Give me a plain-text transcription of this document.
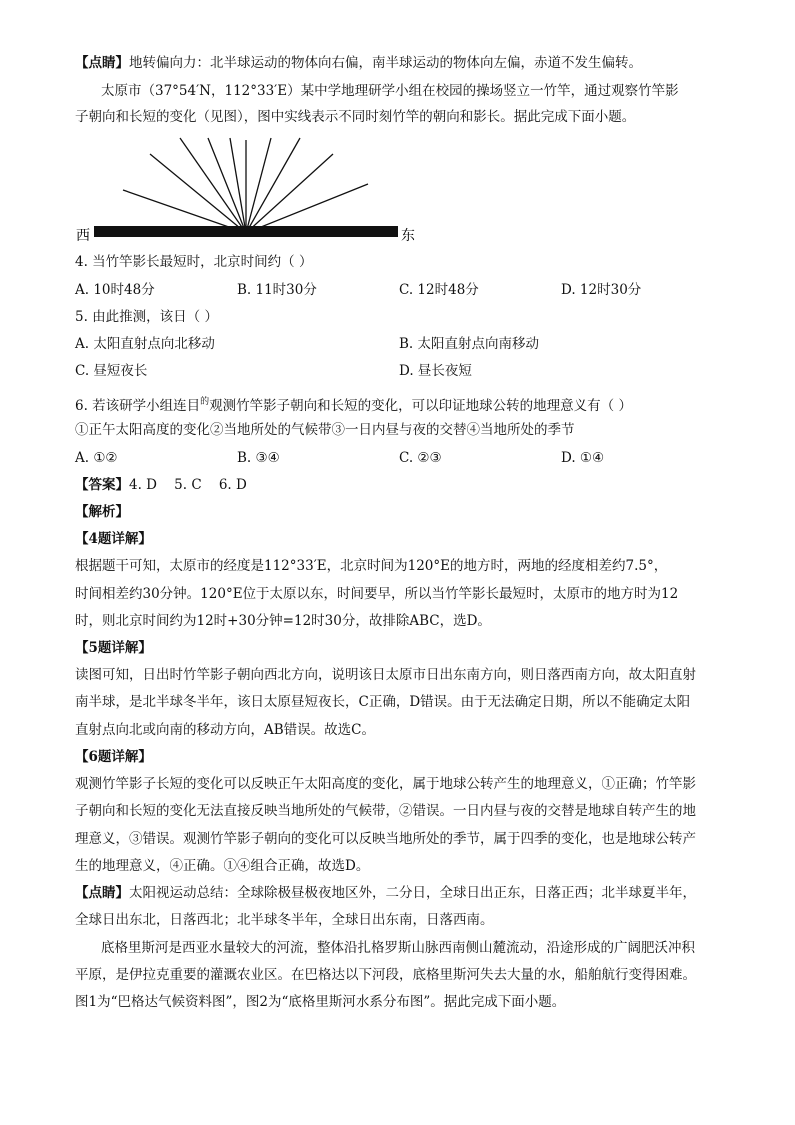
【点睛】地转偏向力：北半球运动的物体向右偏，南半球运动的物体向左偏，赤道不发生偏转。
太原市（37°54′N，112°33′E）某中学地理研学小组在校园的操场竖立一竹竿，通过观察竹竿影
子朝向和长短的变化（见图），图中实线表示不同时刻竹竿的朝向和影长。据此完成下面小题。
西	东
4. 当竹竿影长最短时，北京时间约（ ）
A. 10时48分	B. 11时30分	C. 12时48分	D. 12时30分
5. 由此推测，该日（ ）
A. 太阳直射点向北移动	B. 太阳直射点向南移动
C. 昼短夜长	D. 昼长夜短
6. 若该研学小组连目$^的$观测竹竿影子朝向和长短的变化，可以印证地球公转的地理意义有（ ）
①正午太阳高度的变化②当地所处的气候带③一日内昼与夜的交替④当地所处的季节
A. ①②	B. ③④	C. ②③	D. ①④
【答案】4. D    5. C    6. D
【解析】
【4题详解】
根据题干可知，太原市的经度是112°33′E，北京时间为120°E的地方时，两地的经度相差约7.5°，
时间相差约30分钟。120°E位于太原以东，时间要早，所以当竹竿影长最短时，太原市的地方时为12
时，则北京时间约为12时+30分钟=12时30分，故排除ABC，选D。
【5题详解】
读图可知，日出时竹竿影子朝向西北方向，说明该日太原市日出东南方向，则日落西南方向，故太阳直射
南半球，是北半球冬半年，该日太原昼短夜长，C正确，D错误。由于无法确定日期，所以不能确定太阳
直射点向北或向南的移动方向，AB错误。故选C。
【6题详解】
观测竹竿影子长短的变化可以反映正午太阳高度的变化，属于地球公转产生的地理意义，①正确；竹竿影
子朝向和长短的变化无法直接反映当地所处的气候带，②错误。一日内昼与夜的交替是地球自转产生的地
理意义，③错误。观测竹竿影子朝向的变化可以反映当地所处的季节，属于四季的变化，也是地球公转产
生的地理意义，④正确。①④组合正确，故选D。
【点睛】太阳视运动总结：全球除极昼极夜地区外，二分日，全球日出正东，日落正西；北半球夏半年，
全球日出东北，日落西北；北半球冬半年，全球日出东南，日落西南。
底格里斯河是西亚水量较大的河流，整体沿扎格罗斯山脉西南侧山麓流动，沿途形成的广阔肥沃冲积
平原，是伊拉克重要的灌溉农业区。在巴格达以下河段，底格里斯河失去大量的水，船舶航行变得困难。
图1为“巴格达气候资料图”，图2为“底格里斯河水系分布图”。据此完成下面小题。
